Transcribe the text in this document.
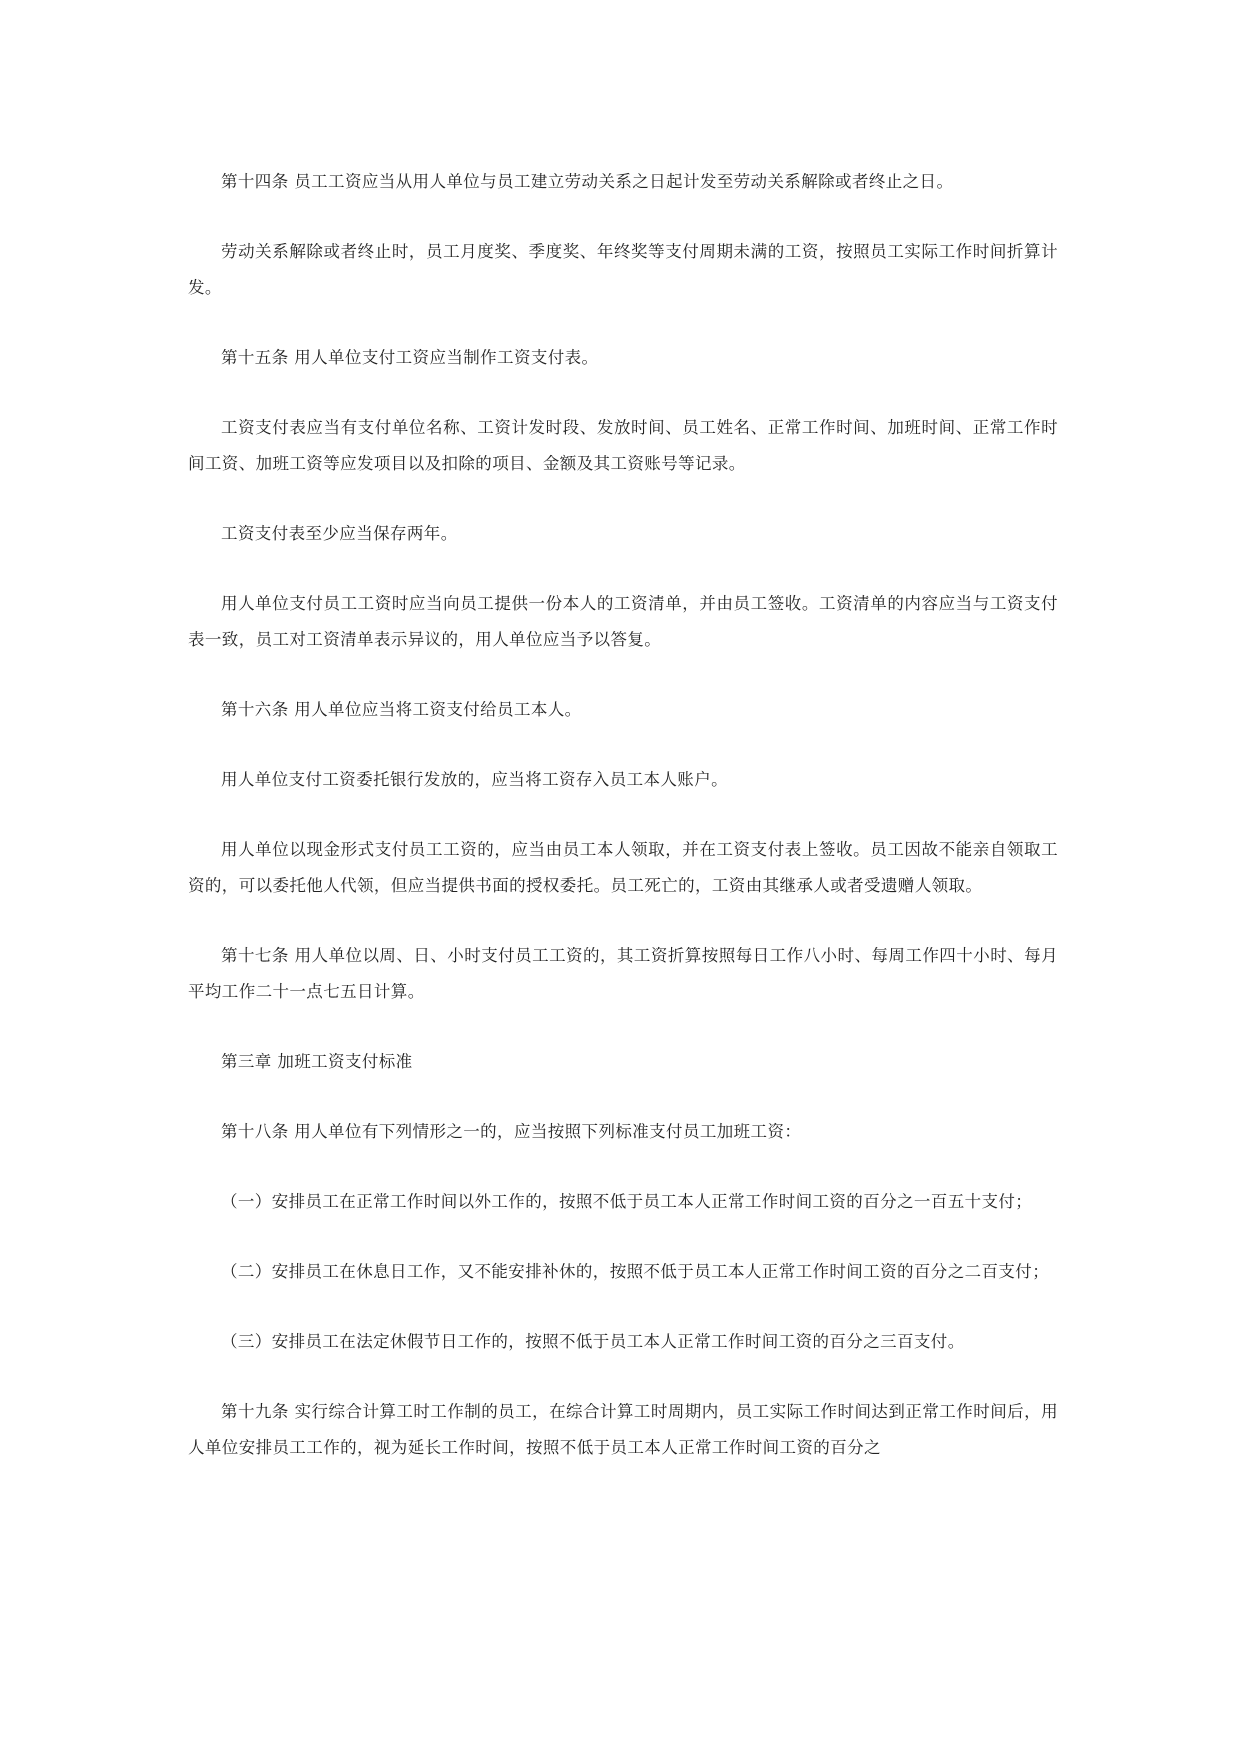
第十四条 员工工资应当从用人单位与员工建立劳动关系之日起计发至劳动关系解除或者终止之日。

劳动关系解除或者终止时，员工月度奖、季度奖、年终奖等支付周期未满的工资，按照员工实际工作时间折算计发。

第十五条 用人单位支付工资应当制作工资支付表。

工资支付表应当有支付单位名称、工资计发时段、发放时间、员工姓名、正常工作时间、加班时间、正常工作时间工资、加班工资等应发项目以及扣除的项目、金额及其工资账号等记录。

工资支付表至少应当保存两年。

用人单位支付员工工资时应当向员工提供一份本人的工资清单，并由员工签收。工资清单的内容应当与工资支付表一致，员工对工资清单表示异议的，用人单位应当予以答复。

第十六条 用人单位应当将工资支付给员工本人。

用人单位支付工资委托银行发放的，应当将工资存入员工本人账户。

用人单位以现金形式支付员工工资的，应当由员工本人领取，并在工资支付表上签收。员工因故不能亲自领取工资的，可以委托他人代领，但应当提供书面的授权委托。员工死亡的，工资由其继承人或者受遗赠人领取。

第十七条 用人单位以周、日、小时支付员工工资的，其工资折算按照每日工作八小时、每周工作四十小时、每月平均工作二十一点七五日计算。

第三章 加班工资支付标准

第十八条 用人单位有下列情形之一的，应当按照下列标准支付员工加班工资：

（一）安排员工在正常工作时间以外工作的，按照不低于员工本人正常工作时间工资的百分之一百五十支付；

（二）安排员工在休息日工作，又不能安排补休的，按照不低于员工本人正常工作时间工资的百分之二百支付；

（三）安排员工在法定休假节日工作的，按照不低于员工本人正常工作时间工资的百分之三百支付。

第十九条 实行综合计算工时工作制的员工，在综合计算工时周期内，员工实际工作时间达到正常工作时间后，用人单位安排员工工作的，视为延长工作时间，按照不低于员工本人正常工作时间工资的百分之
